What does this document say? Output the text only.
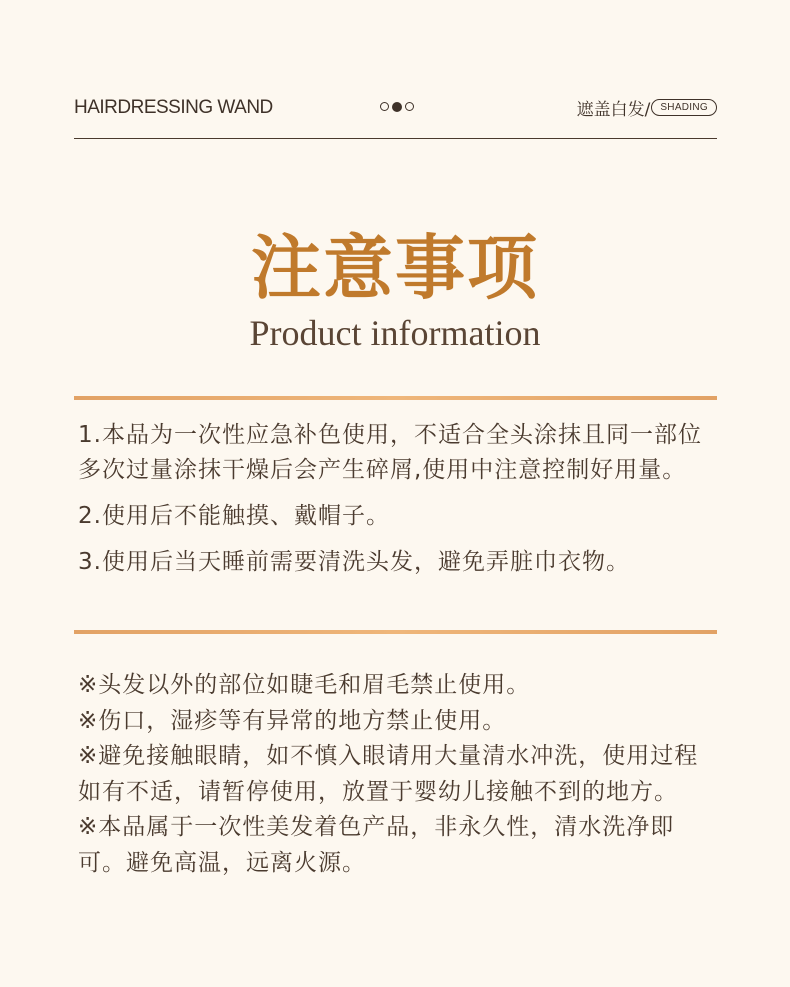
HAIRDRESSING WAND	遮盖白发/	SHADING
注意事项
Product information

1.本品为一次性应急补色使用，不适合全头涂抹且同一部位多次过量涂抹干燥后会产生碎屑,使用中注意控制好用量。

2.使用后不能触摸、戴帽子。

3.使用后当天睡前需要清洗头发，避免弄脏巾衣物。

※头发以外的部位如睫毛和眉毛禁止使用。

※伤口，湿疹等有异常的地方禁止使用。

※避免接触眼睛，如不慎入眼请用大量清水冲洗，使用过程如有不适，请暂停使用，放置于婴幼儿接触不到的地方。

※本品属于一次性美发着色产品，非永久性，清水洗净即可。避免高温，远离火源。
